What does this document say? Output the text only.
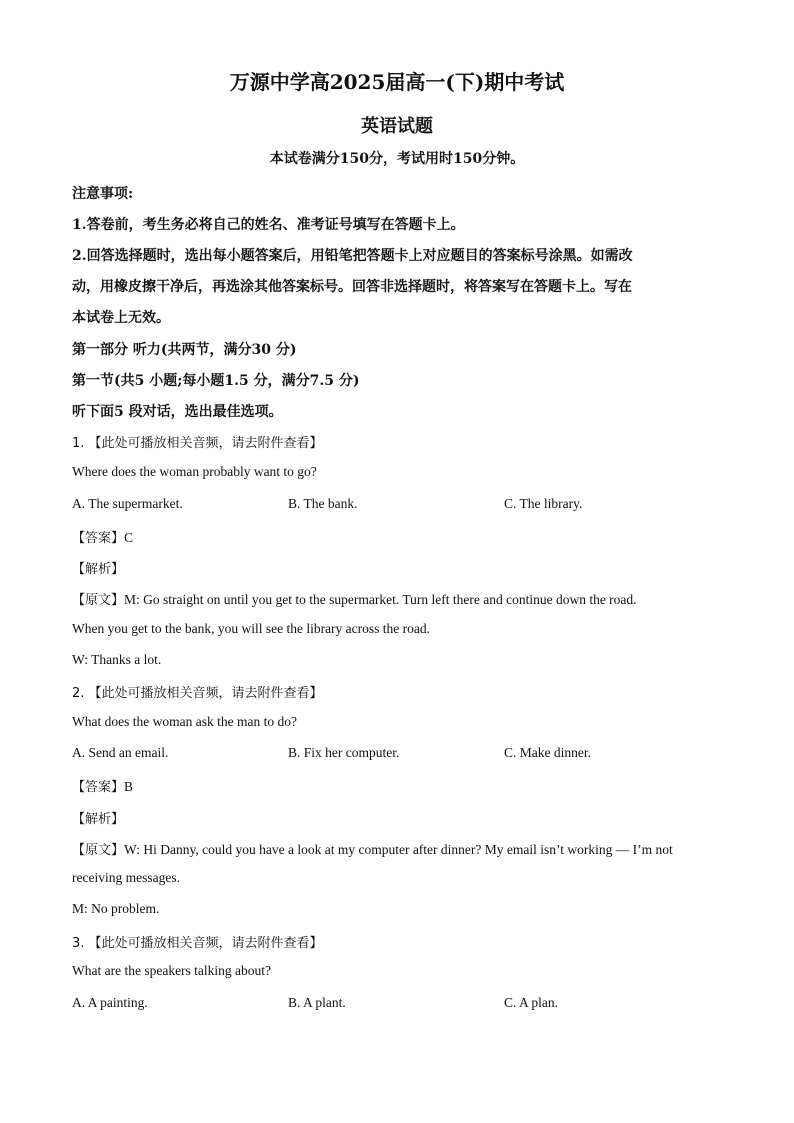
万源中学高2025届高一(下)期中考试
英语试题
本试卷满分150分，考试用时150分钟。
注意事项:
1.答卷前，考生务必将自己的姓名、准考证号填写在答题卡上。
2.回答选择题时，选出每小题答案后，用铅笔把答题卡上对应题目的答案标号涂黑。如需改
动，用橡皮擦干净后，再选涂其他答案标号。回答非选择题时，将答案写在答题卡上。写在
本试卷上无效。
第一部分 听力(共两节，满分30 分)
第一节(共5 小题;每小题1.5 分，满分7.5 分)
听下面5 段对话，选出最佳选项。
1. 【此处可播放相关音频，请去附件查看】
Where does the woman probably want to go?
A. The supermarket.	B. The bank.	C. The library.
【答案】C
【解析】
【原文】M: Go straight on until you get to the supermarket. Turn left there and continue down the road.
When you get to the bank, you will see the library across the road.
W: Thanks a lot.
2. 【此处可播放相关音频，请去附件查看】
What does the woman ask the man to do?
A. Send an email.	B. Fix her computer.	C. Make dinner.
【答案】B
【解析】
【原文】W: Hi Danny, could you have a look at my computer after dinner? My email isn’t working — I’m not
receiving messages.
M: No problem.
3. 【此处可播放相关音频，请去附件查看】
What are the speakers talking about?
A. A painting.	B. A plant.	C. A plan.
